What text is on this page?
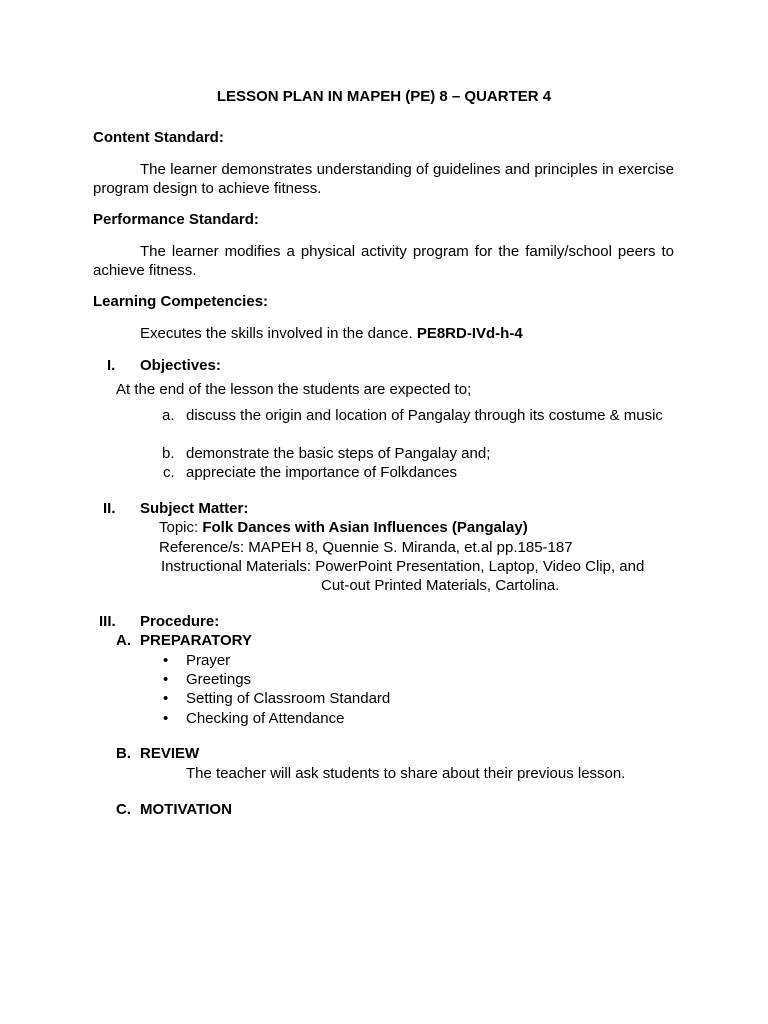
LESSON PLAN IN MAPEH (PE) 8 – QUARTER 4
Content Standard:
The learner demonstrates understanding of guidelines and principles in exercise program design to achieve fitness.
Performance Standard:
The learner modifies a physical activity program for the family/school peers to achieve fitness.
Learning Competencies:
Executes the skills involved in the dance. PE8RD-IVd-h-4
I. Objectives:
At the end of the lesson the students are expected to;
a. discuss the origin and location of Pangalay through its costume & music
b. demonstrate the basic steps of Pangalay and;
c. appreciate the importance of Folkdances
II. Subject Matter:
Topic: Folk Dances with Asian Influences (Pangalay)
Reference/s: MAPEH 8, Quennie S. Miranda, et.al pp.185-187
Instructional Materials: PowerPoint Presentation, Laptop, Video Clip, and
Cut-out Printed Materials, Cartolina.
III. Procedure:
A. PREPARATORY
• Prayer
• Greetings
• Setting of Classroom Standard
• Checking of Attendance
B. REVIEW
The teacher will ask students to share about their previous lesson.
C. MOTIVATION
